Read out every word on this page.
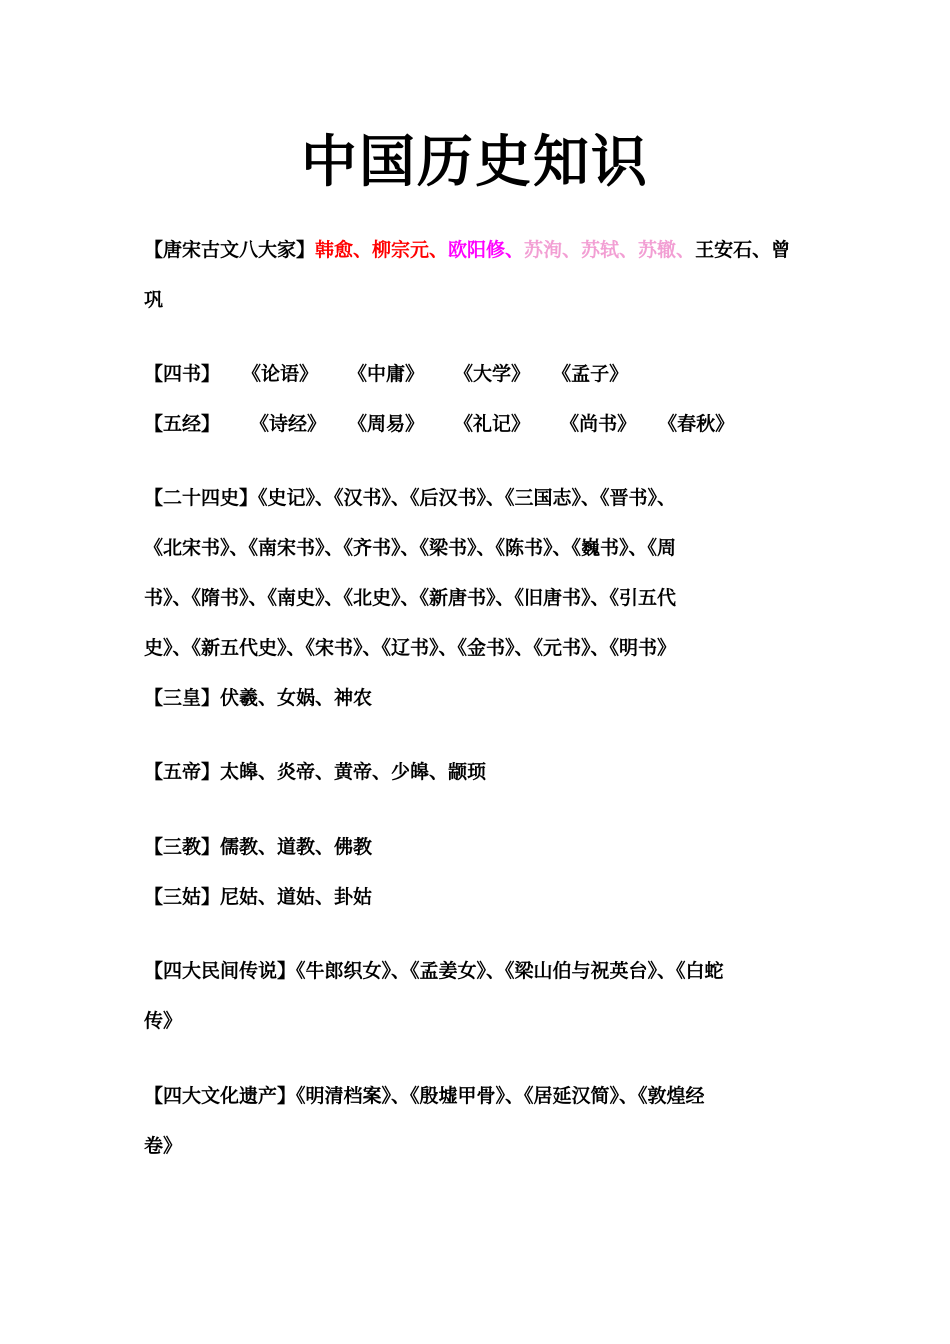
中国历史知识
【唐宋古文八大家】韩愈、柳宗元、欧阳修、苏洵、苏轼、苏辙、王安石、曾
巩
【四书】 《论语》 《中庸》 《大学》 《孟子》
【五经】 《诗经》 《周易》 《礼记》 《尚书》 《春秋》
【二十四史】《史记》、《汉书》、《后汉书》、《三国志》、《晋书》、
《北宋书》、《南宋书》、《齐书》、《梁书》、《陈书》、《巍书》、《周
书》、《隋书》、《南史》、《北史》、《新唐书》、《旧唐书》、《引五代
史》、《新五代史》、《宋书》、《辽书》、《金书》、《元书》、《明书》
【三皇】伏羲、女娲、神农
【五帝】太皞、炎帝、黄帝、少皞、颛顼
【三教】儒教、道教、佛教
【三姑】尼姑、道姑、卦姑
【四大民间传说】《牛郎织女》、《孟姜女》、《梁山伯与祝英台》、《白蛇
传》
【四大文化遗产】《明清档案》、《殷墟甲骨》、《居延汉简》、《敦煌经
卷》
